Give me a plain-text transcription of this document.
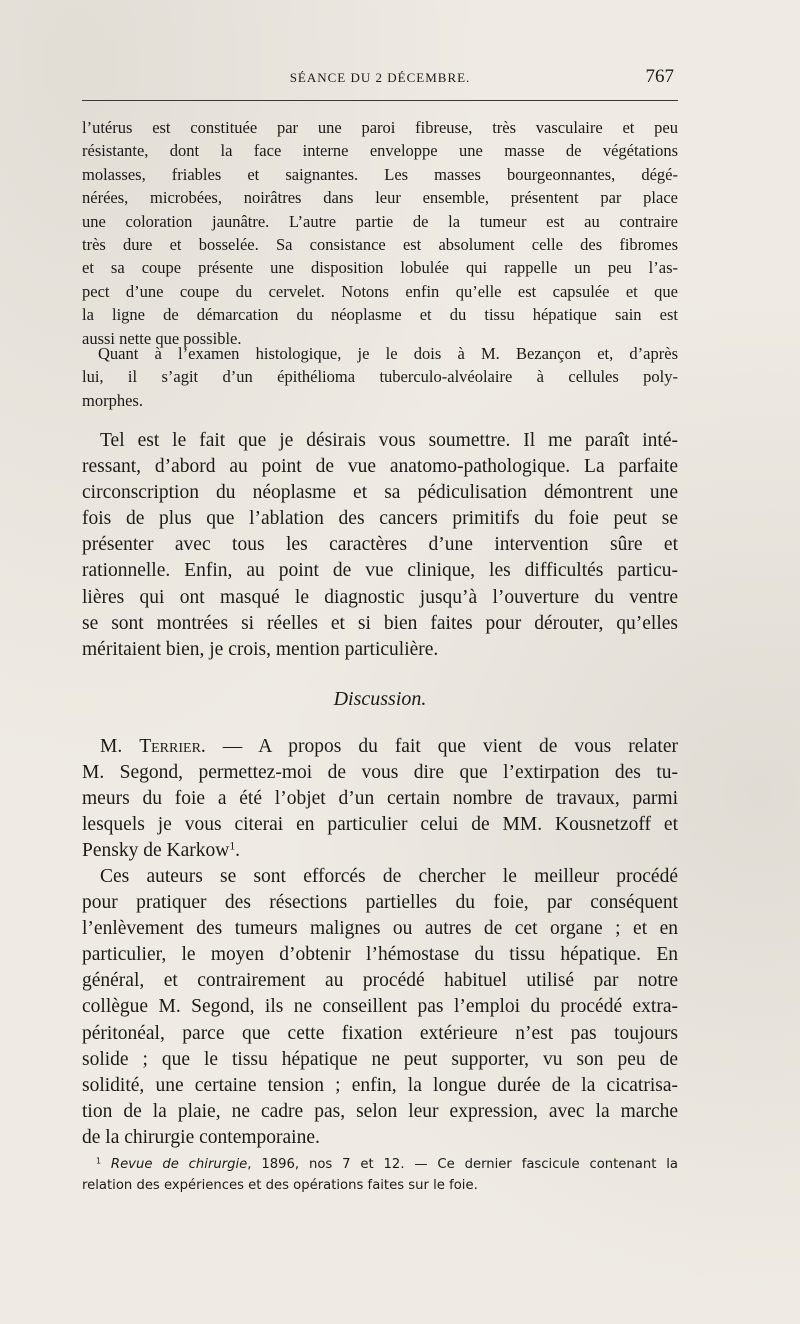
SÉANCE DU 2 DÉCEMBRE.	767
l’utérus est constituée par une paroi fibreuse, très vasculaire et peu
résistante, dont la face interne enveloppe une masse de végétations
molasses, friables et saignantes. Les masses bourgeonnantes, dégé-
nérées, microbées, noirâtres dans leur ensemble, présentent par place
une coloration jaunâtre. L’autre partie de la tumeur est au contraire
très dure et bosselée. Sa consistance est absolument celle des fibromes
et sa coupe présente une disposition lobulée qui rappelle un peu l’as-
pect d’une coupe du cervelet. Notons enfin qu’elle est capsulée et que
la ligne de démarcation du néoplasme et du tissu hépatique sain est
aussi nette que possible.
Quant à l’examen histologique, je le dois à M. Bezançon et, d’après
lui, il s’agit d’un épithélioma tuberculo-alvéolaire à cellules poly-
morphes.
Tel est le fait que je désirais vous soumettre. Il me paraît inté-
ressant, d’abord au point de vue anatomo-pathologique. La parfaite
circonscription du néoplasme et sa pédiculisation démontrent une
fois de plus que l’ablation des cancers primitifs du foie peut se
présenter avec tous les caractères d’une intervention sûre et
rationnelle. Enfin, au point de vue clinique, les difficultés particu-
lières qui ont masqué le diagnostic jusqu’à l’ouverture du ventre
se sont montrées si réelles et si bien faites pour dérouter, qu’elles
méritaient bien, je crois, mention particulière.
Discussion.
M. Terrier. — A propos du fait que vient de vous relater
M. Segond, permettez-moi de vous dire que l’extirpation des tu-
meurs du foie a été l’objet d’un certain nombre de travaux, parmi
lesquels je vous citerai en particulier celui de MM. Kousnetzoff et
Pensky de Karkow$^1$.
Ces auteurs se sont efforcés de chercher le meilleur procédé
pour pratiquer des résections partielles du foie, par conséquent
l’enlèvement des tumeurs malignes ou autres de cet organe ; et en
particulier, le moyen d’obtenir l’hémostase du tissu hépatique. En
général, et contrairement au procédé habituel utilisé par notre
collègue M. Segond, ils ne conseillent pas l’emploi du procédé extra-
péritonéal, parce que cette fixation extérieure n’est pas toujours
solide ; que le tissu hépatique ne peut supporter, vu son peu de
solidité, une certaine tension ; enfin, la longue durée de la cicatrisa-
tion de la plaie, ne cadre pas, selon leur expression, avec la marche
de la chirurgie contemporaine.
$^1$ Revue de chirurgie, 1896, nos 7 et 12. — Ce dernier fascicule contenant la
relation des expériences et des opérations faites sur le foie.
